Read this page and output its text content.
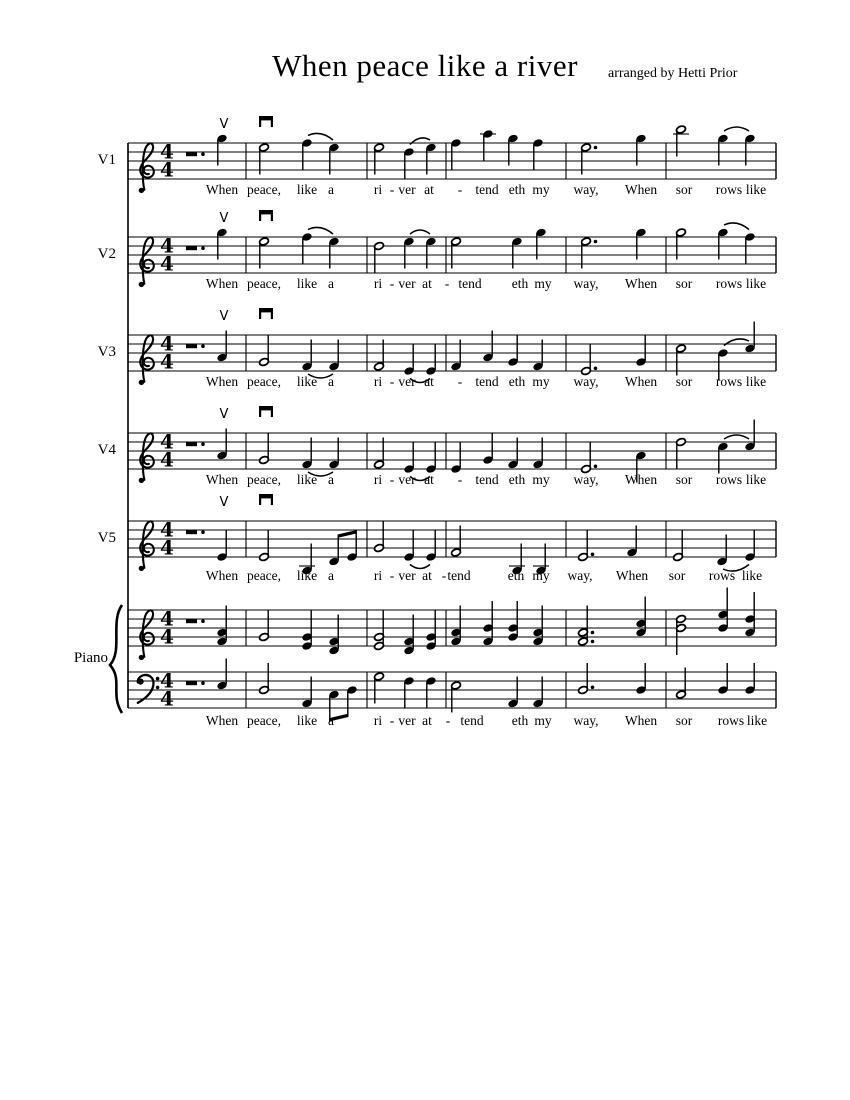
When peace like a river arranged by Hetti Prior
4
4
V
4
4
V
4
4
V
4
4
V
4
4
V
4
4
4
4
Piano
V1
When peace, like a	ri - ver at - tend eth my way, When sor rows like
V2
When peace, like a	ri - ver at - tend eth my way, When sor rows like
V3
When peace, like a	ri - ver at - tend eth my way, When sor rows like
V4
When peace, like a	ri - ver at - tend eth my way, When sor rows like
V5
When peace, like a	ri - ver at - tend	eth my way, When sor rows like
When peace, like a	ri - ver at - tend eth my way, When sor rows like
